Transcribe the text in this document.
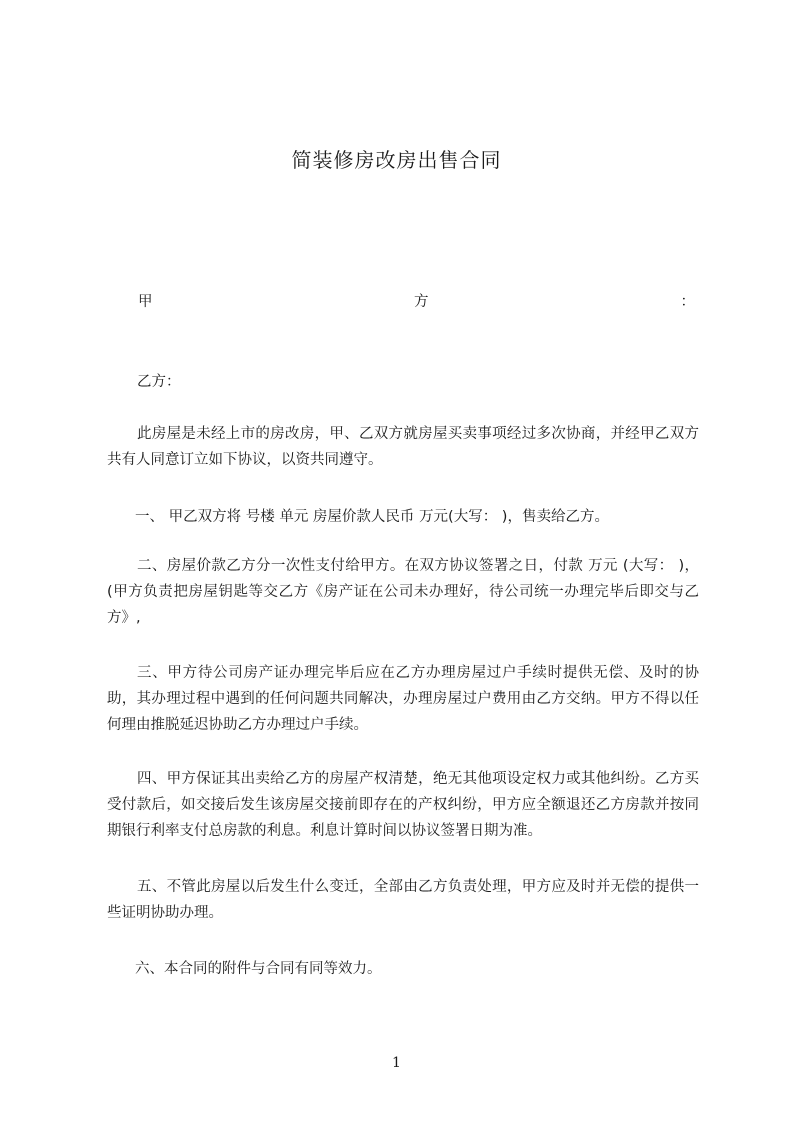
简装修房改房出售合同
甲	方	：
乙方：

此房屋是未经上市的房改房，甲、乙双方就房屋买卖事项经过多次协商，并经甲乙双方共有人同意订立如下协议，以资共同遵守。

一、 甲乙双方将 号楼 单元 房屋价款人民币 万元(大写： )，售卖给乙方。

二、房屋价款乙方分一次性支付给甲方。在双方协议签署之日，付款 万元 (大写： )，(甲方负责把房屋钥匙等交乙方《房产证在公司未办理好，待公司统一办理完毕后即交与乙方》,

三、甲方待公司房产证办理完毕后应在乙方办理房屋过户手续时提供无偿、及时的协助，其办理过程中遇到的任何问题共同解决，办理房屋过户费用由乙方交纳。甲方不得以任何理由推脱延迟协助乙方办理过户手续。

四、甲方保证其出卖给乙方的房屋产权清楚，绝无其他项设定权力或其他纠纷。乙方买受付款后，如交接后发生该房屋交接前即存在的产权纠纷，甲方应全额退还乙方房款并按同期银行利率支付总房款的利息。利息计算时间以协议签署日期为准。

五、不管此房屋以后发生什么变迁，全部由乙方负责处理，甲方应及时并无偿的提供一些证明协助办理。

六、本合同的附件与合同有同等效力。

1
